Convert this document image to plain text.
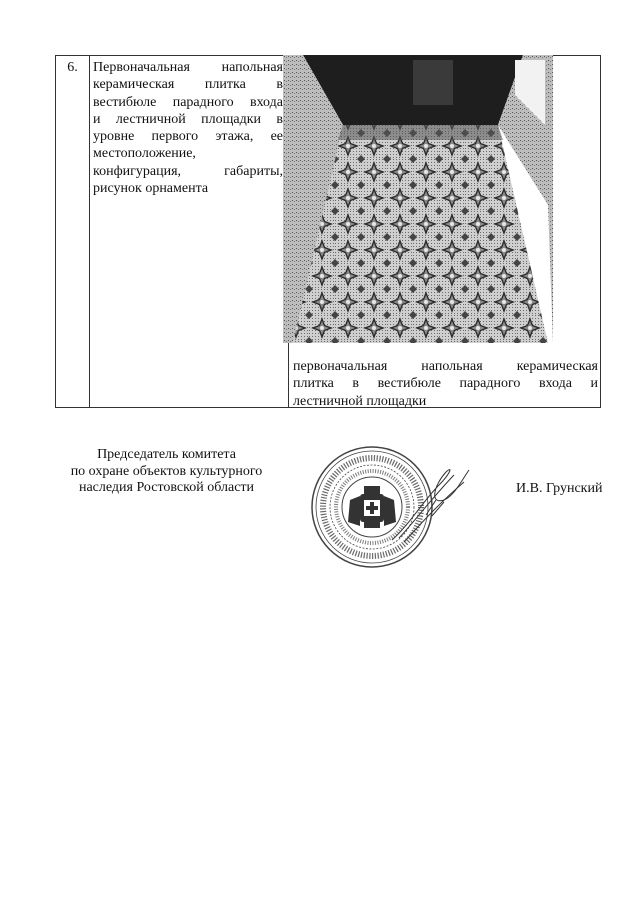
6.	Первоначальная напольная
керамическая плитка в
вестибюле парадного входа
и лестничной площадки в
уровне первого этажа, ее
местоположение,
конфигурация, габариты,
рисунок орнамента
первоначальная напольная керамическая
плитка в вестибюле парадного входа и
лестничной площадки
Председатель комитета
по охране объектов культурного
наследия Ростовской области	И.В. Грунский
